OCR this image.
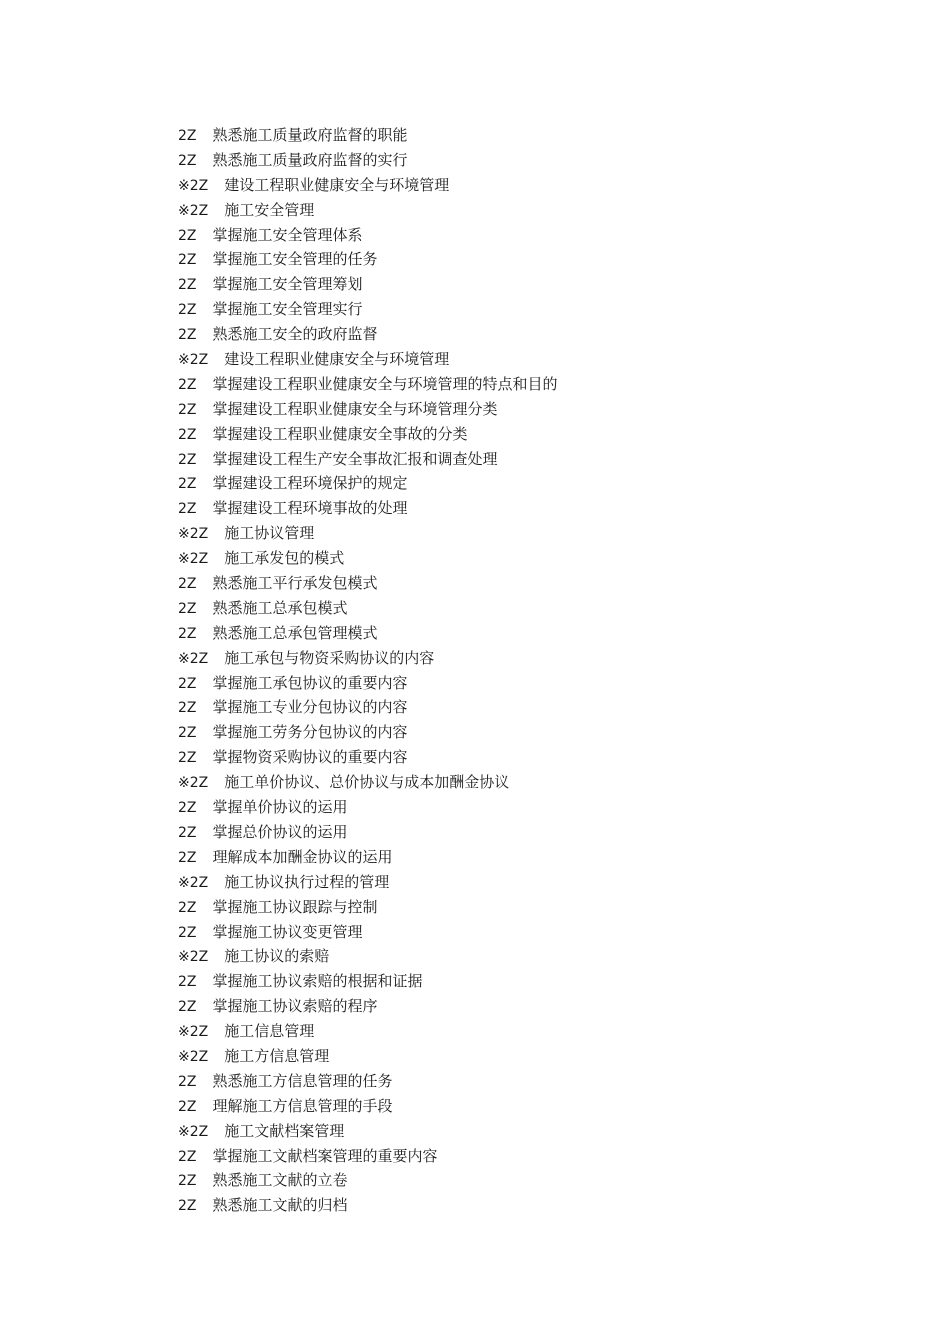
2Z 熟悉施工质量政府监督的职能
2Z 熟悉施工质量政府监督的实行
※2Z 建设工程职业健康安全与环境管理
※2Z 施工安全管理
2Z 掌握施工安全管理体系
2Z 掌握施工安全管理的任务
2Z 掌握施工安全管理筹划
2Z 掌握施工安全管理实行
2Z 熟悉施工安全的政府监督
※2Z 建设工程职业健康安全与环境管理
2Z 掌握建设工程职业健康安全与环境管理的特点和目的
2Z 掌握建设工程职业健康安全与环境管理分类
2Z 掌握建设工程职业健康安全事故的分类
2Z 掌握建设工程生产安全事故汇报和调查处理
2Z 掌握建设工程环境保护的规定
2Z 掌握建设工程环境事故的处理
※2Z 施工协议管理
※2Z 施工承发包的模式
2Z 熟悉施工平行承发包模式
2Z 熟悉施工总承包模式
2Z 熟悉施工总承包管理模式
※2Z 施工承包与物资采购协议的内容
2Z 掌握施工承包协议的重要内容
2Z 掌握施工专业分包协议的内容
2Z 掌握施工劳务分包协议的内容
2Z 掌握物资采购协议的重要内容
※2Z 施工单价协议、总价协议与成本加酬金协议
2Z 掌握单价协议的运用
2Z 掌握总价协议的运用
2Z 理解成本加酬金协议的运用
※2Z 施工协议执行过程的管理
2Z 掌握施工协议跟踪与控制
2Z 掌握施工协议变更管理
※2Z 施工协议的索赔
2Z 掌握施工协议索赔的根据和证据
2Z 掌握施工协议索赔的程序
※2Z 施工信息管理
※2Z 施工方信息管理
2Z 熟悉施工方信息管理的任务
2Z 理解施工方信息管理的手段
※2Z 施工文献档案管理
2Z 掌握施工文献档案管理的重要内容
2Z 熟悉施工文献的立卷
2Z 熟悉施工文献的归档
